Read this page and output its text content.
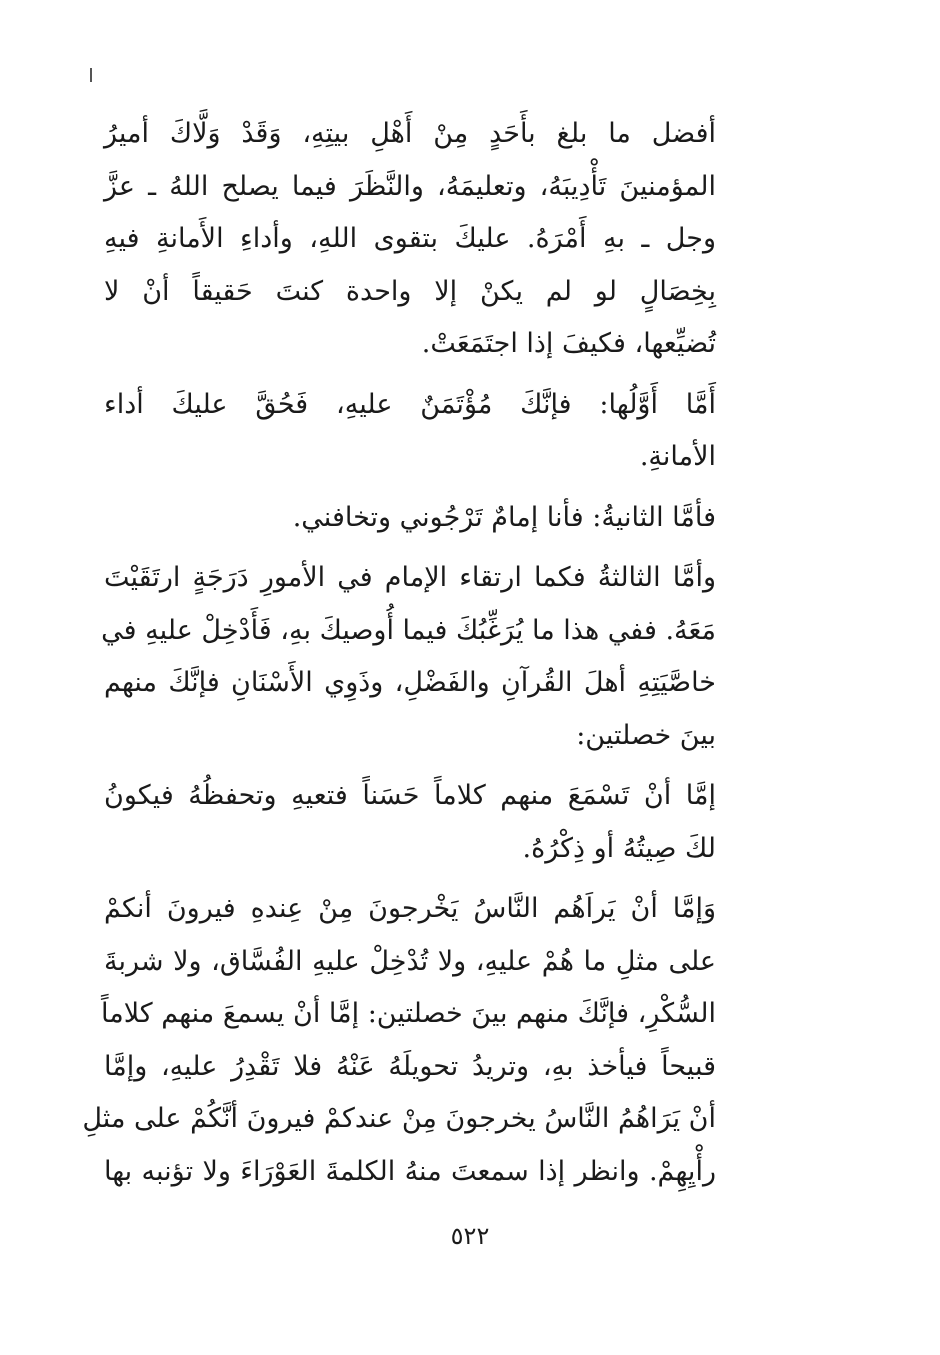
أفضل ما بلغ بأَحَدٍ مِنْ أَهْلِ بيتِهِ، وَقَدْ وَلَّاكَ أميرُ
المؤمنينَ تَأْدِيبَهُ، وتعليمَهُ، والنَّظَرَ فيما يصلح اللهُ ـ عزَّ
وجل ـ بهِ أَمْرَهُ. عليكَ بتقوى اللهِ، وأداءِ الأَمانةِ فيهِ
بِخِصَالٍ لو لم يكنْ إلا واحدة كنتَ حَقيقاً أنْ لا
تُضيِّعها، فكيفَ إذا اجتَمَعَتْ.
أَمَّا أَوَّلُها: فإنَّكَ مُؤْتَمَنٌ عليهِ، فَحُقَّ عليكَ أداء
الأمانةِ.
فأمَّا الثانيةُ: فأنا إمامٌ تَرْجُوني وتخافني.
وأمَّا الثالثةُ فكما ارتقاء الإمام في الأمورِ دَرَجَةٍ ارتَقَيْتَ
مَعَهُ. ففي هذا ما يُرَغِّبُكَ فيما أُوصيكَ بهِ، فَأَدْخِلْ عليهِ في
خاصَّيَتِهِ أهلَ القُرآنِ والفَضْلِ، وذَوِي الأَسْنَانِ فإنَّكَ منهم
بينَ خصلتين:
إمَّا أنْ تَسْمَعَ منهم كلاماً حَسَناً فتعيهِ وتحفظُهُ فيكونُ
لكَ صِيتُهُ أو ذِكْرُهُ.
وَإمَّا أنْ يَراَهُم النَّاسُ يَخْرجونَ مِنْ عِندهِ فيرونَ أنكمْ
على مثلِ ما هُمْ عليهِ، ولا تُدْخِلْ عليهِ الفُسَّاق، ولا شربةَ
السُّكْرِ، فإنَّكَ منهم بينَ خصلتين: إمَّا أنْ يسمعَ منهم كلاماً
قبيحاً فيأخذ بهِ، وتريدُ تحويلَهُ عَنْهُ فلا تَقْدِرُ عليهِ، وإمَّا
أنْ يَرَاهُمُ النَّاسُ يخرجونَ مِنْ عندكمْ فيرونَ أنَّكُمْ على مثلِ
رأْيِهِمْ. وانظر إذا سمعتَ منهُ الكلمةَ العَوْرَاءَ ولا تؤنبه بها
٥٢٢
